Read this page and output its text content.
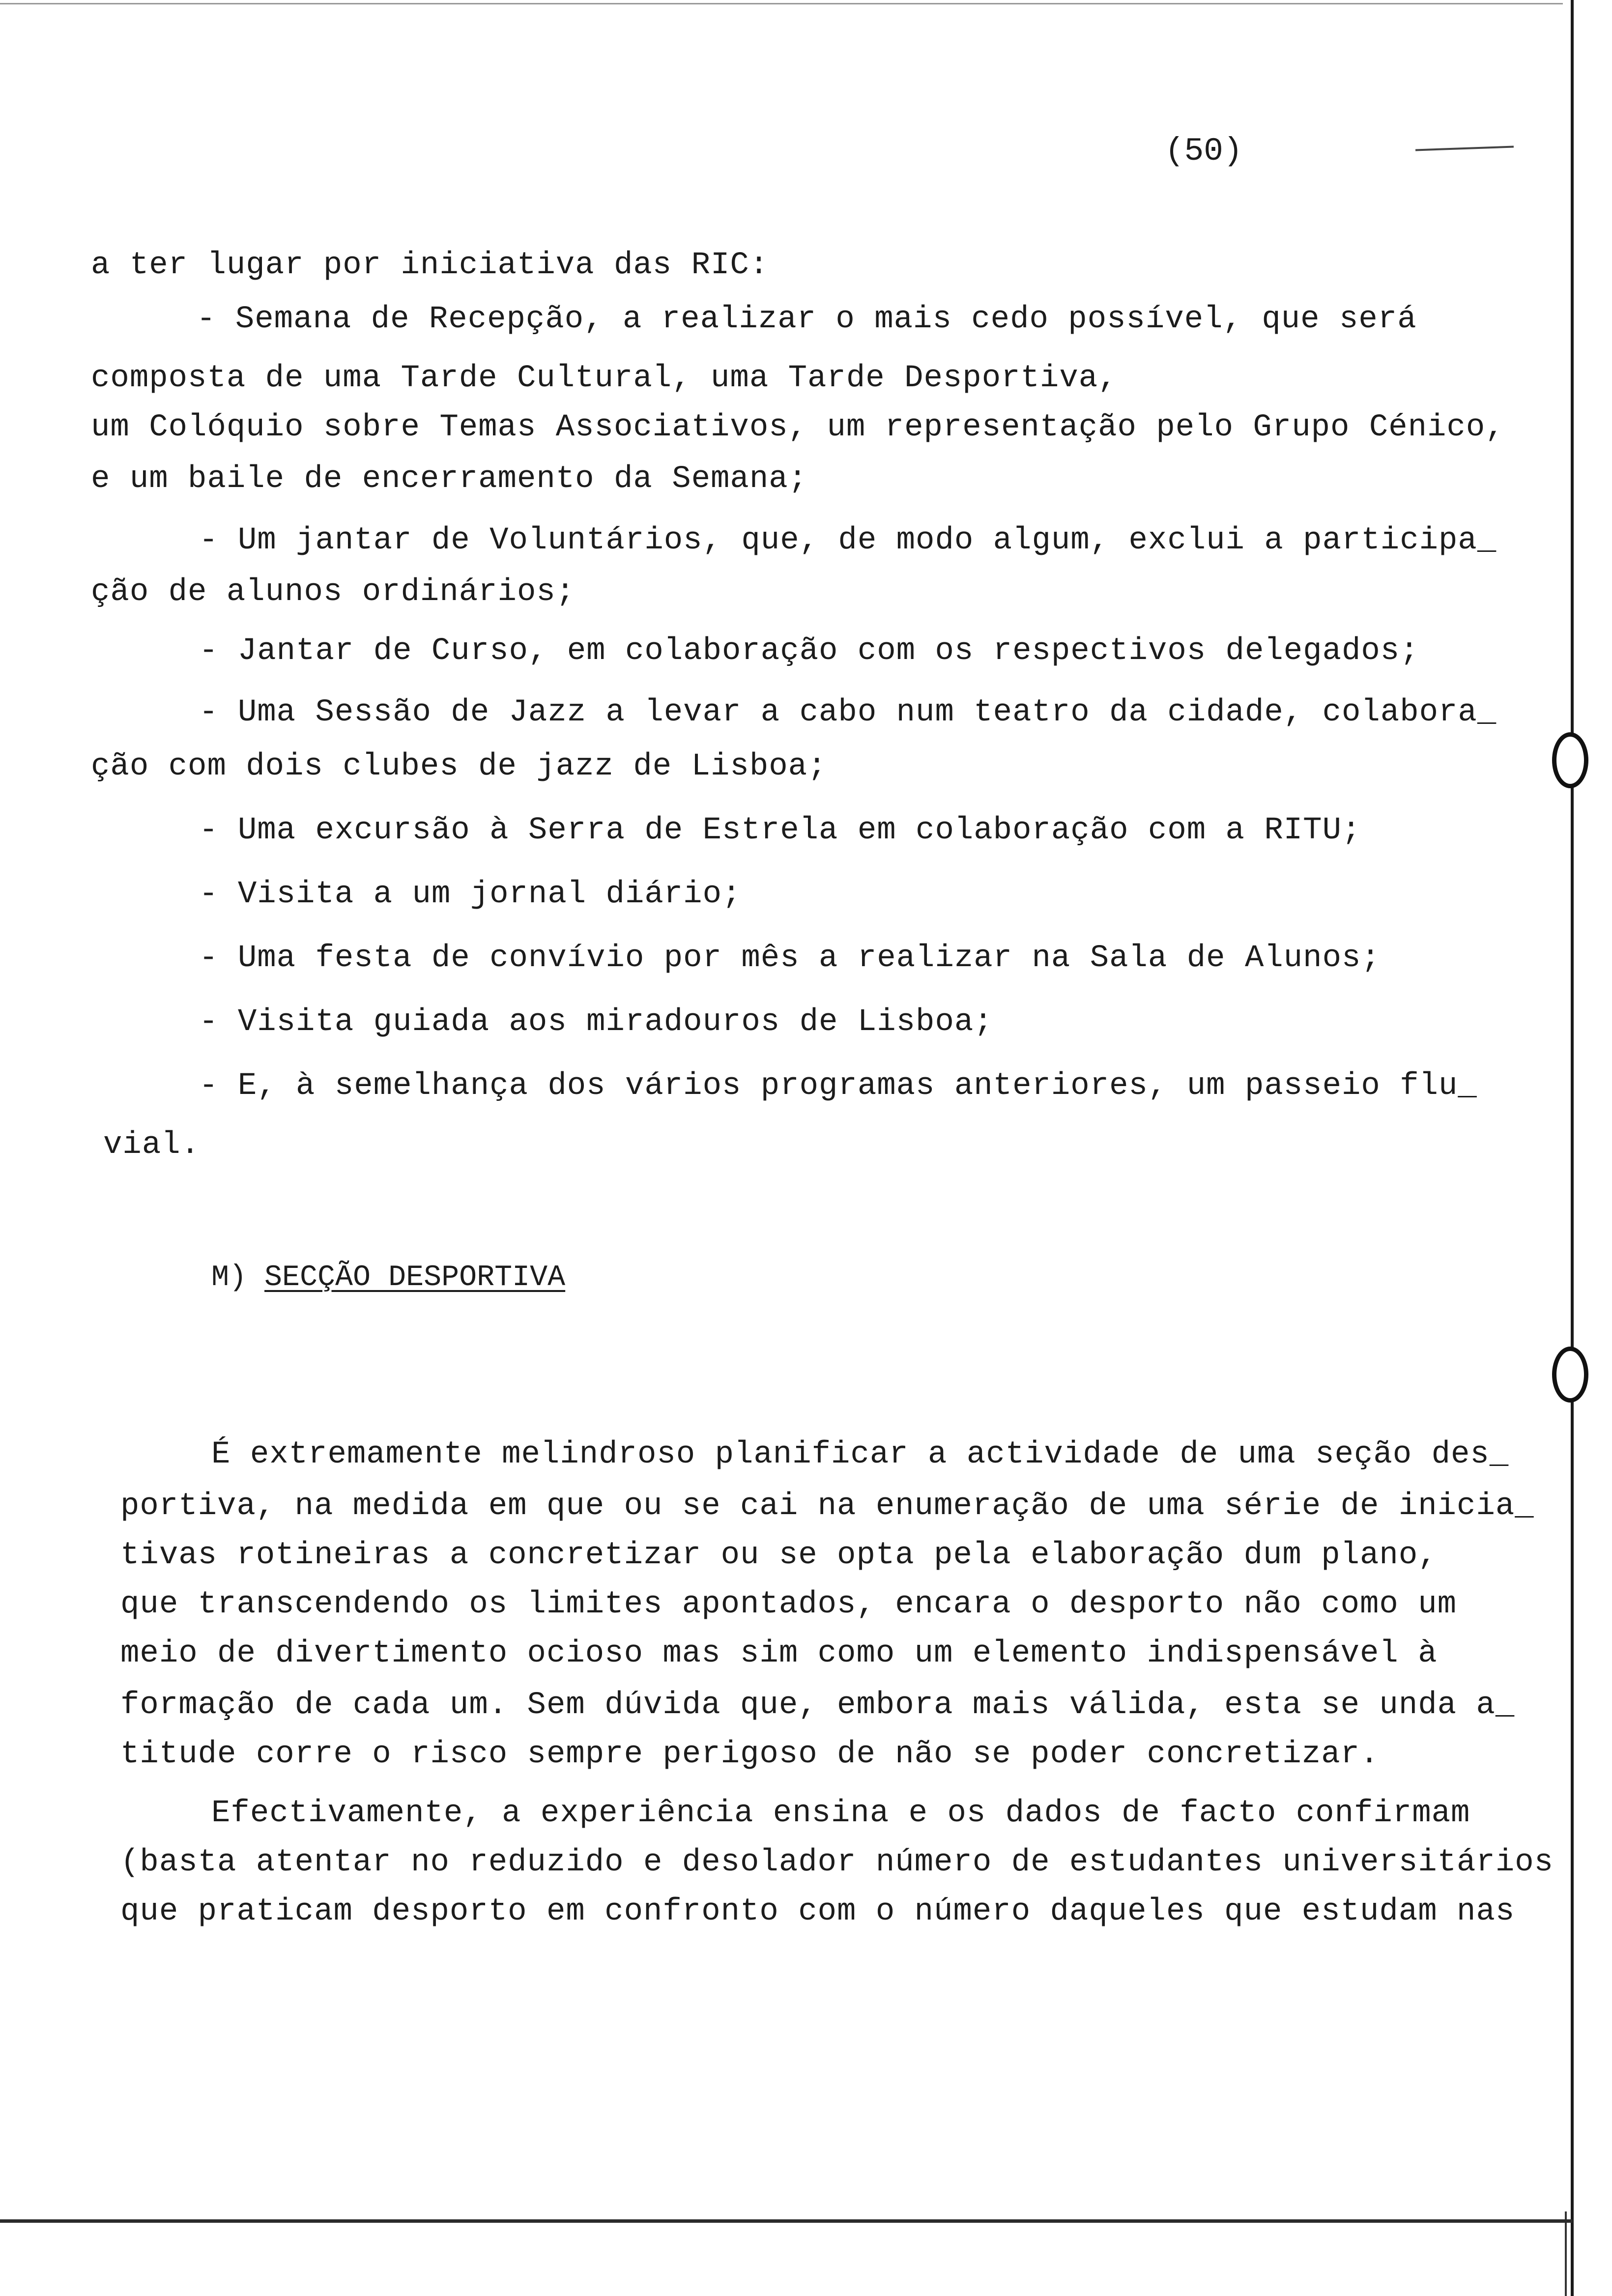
(50)
a ter lugar por iniciativa das RIC:
- Semana de Recepção, a realizar o mais cedo possível, que será
composta de uma Tarde Cultural, uma Tarde Desportiva,
um Colóquio sobre Temas Associativos, um representação pelo Grupo Cénico,
e um baile de encerramento da Semana;
- Um jantar de Voluntários, que, de modo algum, exclui a participa_
ção de alunos ordinários;
- Jantar de Curso, em colaboração com os respectivos delegados;
- Uma Sessão de Jazz a levar a cabo num teatro da cidade, colabora_
ção com dois clubes de jazz de Lisboa;
- Uma excursão à Serra de Estrela em colaboração com a RITU;
- Visita a um jornal diário;
- Uma festa de convívio por mês a realizar na Sala de Alunos;
- Visita guiada aos miradouros de Lisboa;
- E, à semelhança dos vários programas anteriores, um passeio flu_
vial.
M) SECÇÃO DESPORTIVA
É extremamente melindroso planificar a actividade de uma seção des_
portiva, na medida em que ou se cai na enumeração de uma série de inicia_
tivas rotineiras a concretizar ou se opta pela elaboração dum plano,
que transcendendo os limites apontados, encara o desporto não como um
meio de divertimento ocioso mas sim como um elemento indispensável à
formação de cada um. Sem dúvida que, embora mais válida, esta se unda a_
titude corre o risco sempre perigoso de não se poder concretizar.
Efectivamente, a experiência ensina e os dados de facto confirmam
(basta atentar no reduzido e desolador número de estudantes universitários
que praticam desporto em confronto com o número daqueles que estudam nas
